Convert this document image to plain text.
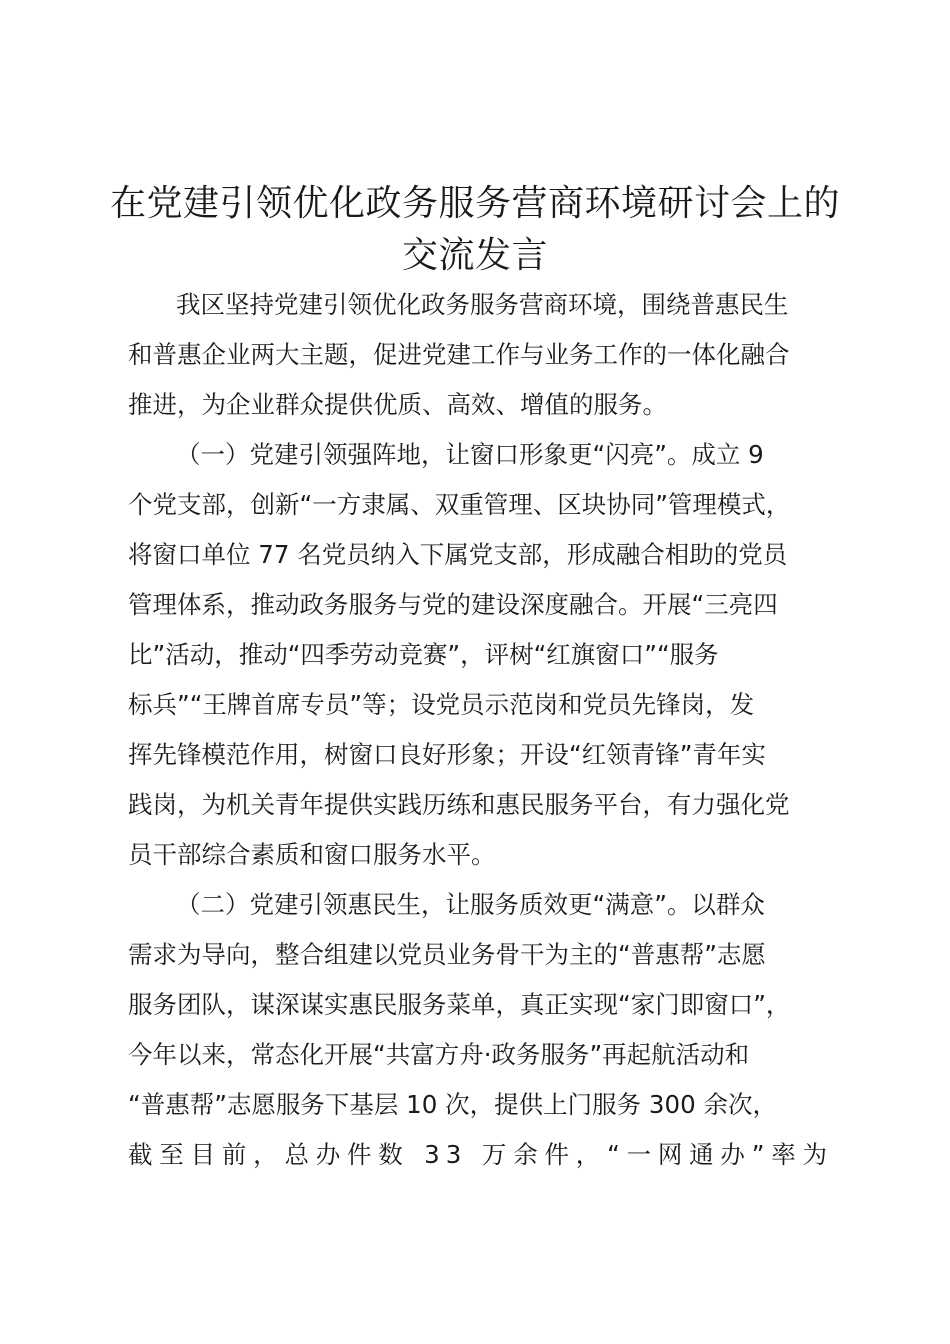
在党建引领优化政务服务营商环境研讨会上的
交流发言
我区坚持党建引领优化政务服务营商环境，围绕普惠民生
和普惠企业两大主题，促进党建工作与业务工作的一体化融合
推进，为企业群众提供优质、高效、增值的服务。
（一）党建引领强阵地，让窗口形象更“闪亮”。成立 9
个党支部，创新“一方隶属、双重管理、区块协同”管理模式，
将窗口单位 77 名党员纳入下属党支部，形成融合相助的党员
管理体系，推动政务服务与党的建设深度融合。开展“三亮四
比”活动，推动“四季劳动竞赛”，评树“红旗窗口”“服务
标兵”“王牌首席专员”等；设党员示范岗和党员先锋岗，发
挥先锋模范作用，树窗口良好形象；开设“红领青锋”青年实
践岗，为机关青年提供实践历练和惠民服务平台，有力强化党
员干部综合素质和窗口服务水平。
（二）党建引领惠民生，让服务质效更“满意”。以群众
需求为导向，整合组建以党员业务骨干为主的“普惠帮”志愿
服务团队，谋深谋实惠民服务菜单，真正实现“家门即窗口”，
今年以来，常态化开展“共富方舟·政务服务”再起航活动和
“普惠帮”志愿服务下基层 10 次，提供上门服务 300 余次，
截至目前，总办件数 33 万余件，“一网通办”率为
